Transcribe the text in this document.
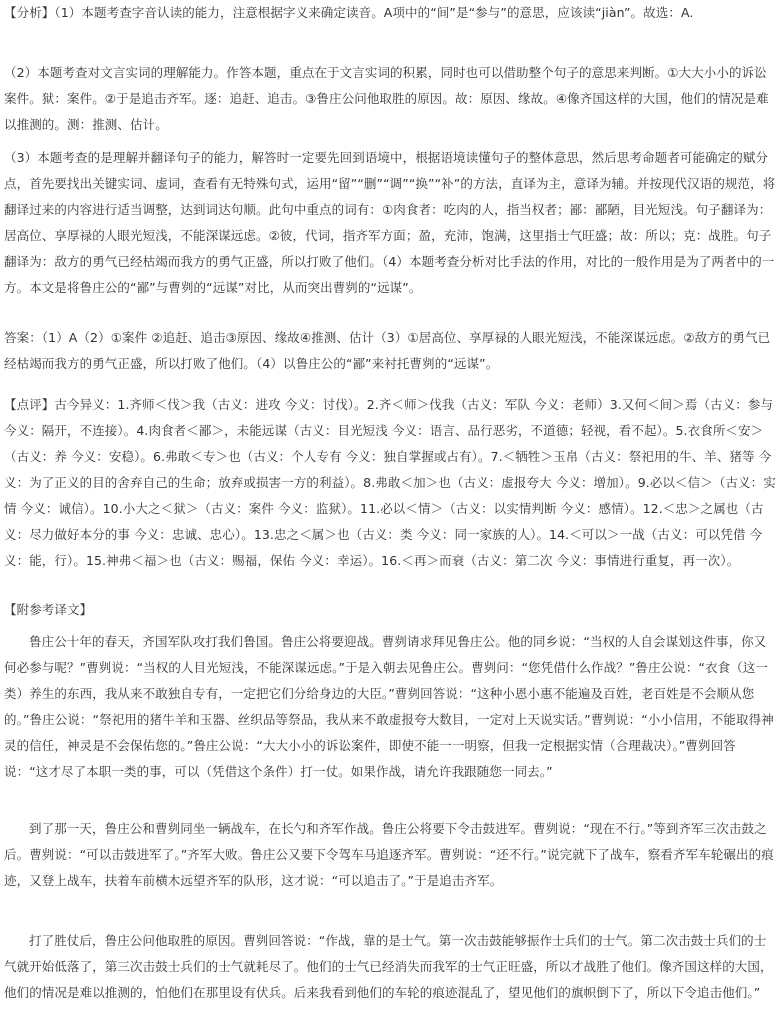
【分析】（1）本题考查字音认读的能力，注意根据字义来确定读音。A项中的“间”是“参与”的意思，应该读“jiàn”。故选：A.

（2）本题考查对文言实词的理解能力。作答本题，重点在于文言实词的积累，同时也可以借助整个句子的意思来判断。①大大小小的诉讼案件。狱：案件。②于是追击齐军。逐：追赶、追击。③鲁庄公问他取胜的原因。故：原因、缘故。④像齐国这样的大国，他们的情况是难以推测的。测：推测、估计。

（3）本题考查的是理解并翻译句子的能力，解答时一定要先回到语境中，根据语境读懂句子的整体意思，然后思考命题者可能确定的赋分点，首先要找出关键实词、虚词，查看有无特殊句式，运用“留”“删”“调”“换”“补”的方法，直译为主，意译为辅。并按现代汉语的规范，将翻译过来的内容进行适当调整，达到词达句顺。此句中重点的词有：①肉食者：吃肉的人，指当权者；鄙：鄙陋，目光短浅。句子翻译为：居高位、享厚禄的人眼光短浅，不能深谋远虑。②彼，代词，指齐军方面；盈，充沛，饱满，这里指士气旺盛；故：所以；克：战胜。句子翻译为：敌方的勇气已经枯竭而我方的勇气正盛，所以打败了他们。（4）本题考查分析对比手法的作用，对比的一般作用是为了两者中的一方。本文是将鲁庄公的“鄙”与曹刿的“远谋”对比，从而突出曹刿的“远谋”。

答案：（1）A（2）①案件 ②追赶、追击③原因、缘故④推测、估计（3）①居高位、享厚禄的人眼光短浅，不能深谋远虑。②敌方的勇气已经枯竭而我方的勇气正盛，所以打败了他们。（4）以鲁庄公的“鄙”来衬托曹刿的“远谋”。

【点评】古今异义：1.齐师＜伐＞我（古义：进攻 今义：讨伐）。2.齐＜师＞伐我（古义：军队 今义：老师）3.又何＜间＞焉（古义：参与 今义：隔开，不连接）。4.肉食者＜鄙＞，未能远谋（古义：目光短浅 今义：语言、品行恶劣，不道德；轻视，看不起）。5.衣食所＜安＞（古义：养 今义：安稳）。6.弗敢＜专＞也（古义：个人专有 今义：独自掌握或占有）。7.＜牺牲＞玉帛（古义：祭祀用的牛、羊、猪等 今义：为了正义的目的舍弃自己的生命；放弃或损害一方的利益）。8.弗敢＜加＞也（古义：虚报夸大 今义：增加）。9.必以＜信＞（古义：实情 今义：诚信）。10.小大之＜狱＞（古义：案件 今义：监狱）。11.必以＜情＞（古义：以实情判断 今义：感情）。12.＜忠＞之属也（古义：尽力做好本分的事 今义：忠诚、忠心）。13.忠之＜属＞也（古义：类 今义：同一家族的人）。14.＜可以＞一战（古义：可以凭借 今义：能，行）。15.神弗＜福＞也（古义：赐福，保佑 今义：幸运）。16.＜再＞而衰（古义：第二次 今义：事情进行重复，再一次）。

【附参考译文】

鲁庄公十年的春天，齐国军队攻打我们鲁国。鲁庄公将要迎战。曹刿请求拜见鲁庄公。他的同乡说：“当权的人自会谋划这件事，你又何必参与呢？”曹刿说：“当权的人目光短浅，不能深谋远虑。”于是入朝去见鲁庄公。曹刿问：“您凭借什么作战？”鲁庄公说：“衣食（这一类）养生的东西，我从来不敢独自专有，一定把它们分给身边的大臣。”曹刿回答说：“这种小恩小惠不能遍及百姓，老百姓是不会顺从您的。”鲁庄公说：“祭祀用的猪牛羊和玉器、丝织品等祭品，我从来不敢虚报夸大数目，一定对上天说实话。”曹刿说：“小小信用，不能取得神灵的信任，神灵是不会保佑您的。”鲁庄公说：“大大小小的诉讼案件，即使不能一一明察，但我一定根据实情（合理裁决）。”曹刿回答说：“这才尽了本职一类的事，可以（凭借这个条件）打一仗。如果作战，请允许我跟随您一同去。”

到了那一天，鲁庄公和曹刿同坐一辆战车，在长勺和齐军作战。鲁庄公将要下令击鼓进军。曹刿说：“现在不行。”等到齐军三次击鼓之后。曹刿说：“可以击鼓进军了。”齐军大败。鲁庄公又要下令驾车马追逐齐军。曹刿说：“还不行。”说完就下了战车，察看齐军车轮碾出的痕迹，又登上战车，扶着车前横木远望齐军的队形，这才说：“可以追击了。”于是追击齐军。

打了胜仗后，鲁庄公问他取胜的原因。曹刿回答说：“作战，靠的是士气。第一次击鼓能够振作士兵们的士气。第二次击鼓士兵们的士气就开始低落了，第三次击鼓士兵们的士气就耗尽了。他们的士气已经消失而我军的士气正旺盛，所以才战胜了他们。像齐国这样的大国，他们的情况是难以推测的，怕他们在那里设有伏兵。后来我看到他们的车轮的痕迹混乱了，望见他们的旗帜倒下了，所以下令追击他们。”
